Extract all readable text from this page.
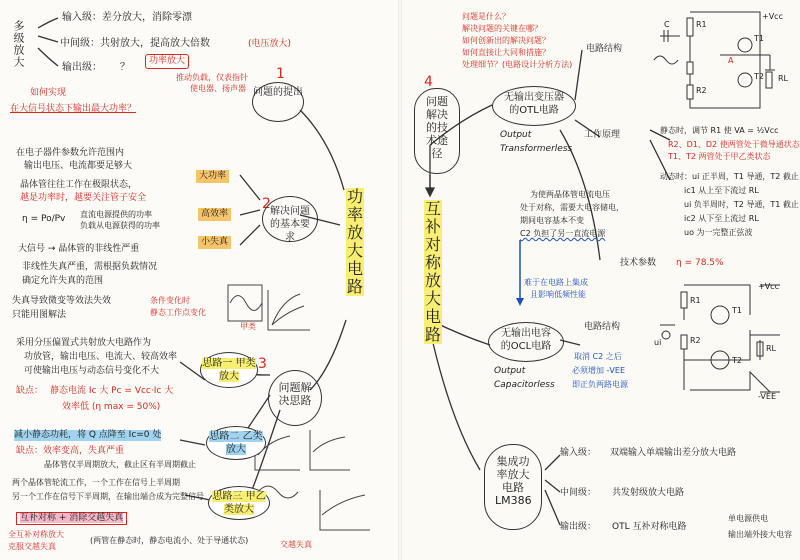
多级放大
输入级：差分放大，消除零漂
中间级：共射放大，提高放大倍数	(电压放大)
输出级： ？
功率放大
推动负载，仅表指针
使电器、扬声器
如何实现
在大信号状态下输出最大功率？
1
问题的提出
功率放大电路
在电子器件参数允许范围内
输出电压、电流都要足够大
晶体管往往工作在极限状态，
越是功率时，越要关注管子安全
大功率
η = Po/Pv 直流电源提供的功率
负载从电源获得的功率
高效率
小失真
大信号 → 晶体管的非线性严重
非线性失真严重，需根据负载情况
确定允许失真的范围
失真导致微变等效法失效
只能用图解法
条件变化时
静态工作点变化
2 解决问题的基本要求
3
问题解决思路
思路一 甲类放大
采用分压偏置式共射放大电路作为
功放管，输出电压、电流大、较高效率
可使输出电压与动态信号变化不大
缺点： 静态电流 Ic 大 Pc = Vcc·Ic 大
效率低 (η max = 50%)
甲类
思路二 乙类放大
减小静态功耗，将 Q 点降至 Ic=0 处
缺点：效率变高，失真严重
晶体管仅半周期放大，截止区有半周期截止
思路三 甲乙类放大
两个晶体管轮流工作，一个工作在信号上半周期
另一个工作在信号下半周期，在输出端合成为完整信号
互补对称 + 消除交越失真
全互补对称放大
克服交越失真
(两管在静态时，静态电流小、处于导通状态)	交越失真
4
问题解决的技术途径
互补对称放大电路
问题是什么？
解决问题的关键在哪？
如何创新出的解决问题？
如何直接让大同和措施？
处理细节？(电路设计分析方法)
无输出变压器的OTL电路
Output
Transformerless
电路结构
工作原理	静态时，调节 R1 使 VA = ½Vcc
R2、D1、D2 使两管处于微导通状态
T1、T2 两管处于甲乙类状态
动态时：ui 正半周，T1 导通，T2 截止
ic1 从上至下流过 RL
ui 负半周时，T2 导通，T1 截止
ic2 从下至上流过 RL
uo 为一完整正弦波
为使两晶体管电流电压
处于对称，需要大电容储电，
期间电容基本不变
C2 负担了另一直流电源
技术参数 η = 78.5%
难于在电路上集成
且影响低频性能
无输出电容的OCL电路
Output
Capacitorless
电路结构
取消 C2 之后
必须增加 -VEE
即正负两路电源
集成功率放大电路 LM386
输入级： 双端输入单端输出差分放大电路
中间级： 共发射级放大电路
输出级： OTL 互补对称电路
单电源供电
输出端外接大电容
+Vcc
R1
R2
T1
T2
A
RL
C
+Vcc
R1
R2
T1
T2
RL
ui
-VEE
